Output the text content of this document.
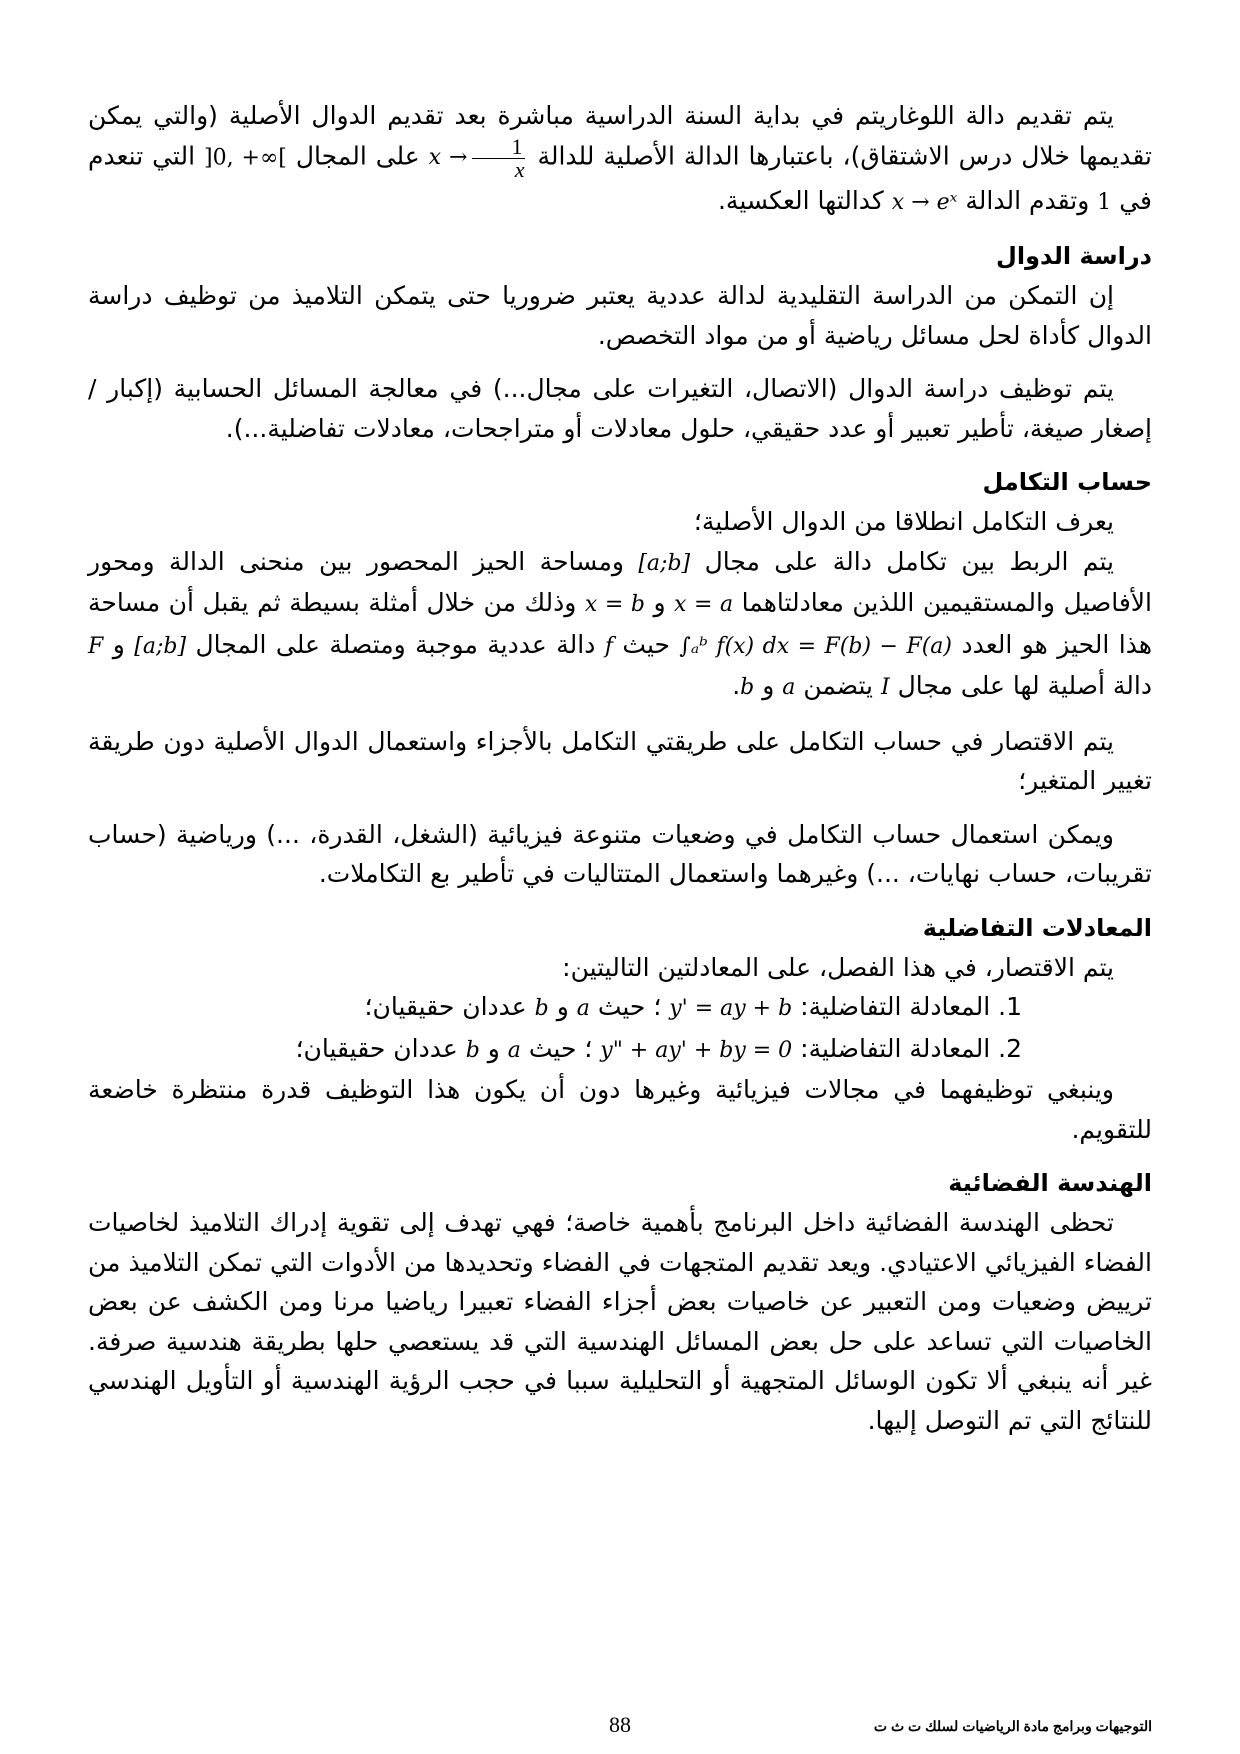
يتم تقديم دالة اللوغاريتم في بداية السنة الدراسية مباشرة بعد تقديم الدوال الأصلية (والتي يمكن تقديمها خلال درس الاشتقاق)، باعتبارها الدالة الأصلية للدالة $x \to \frac{1}{x}$
على المجال ]0, +∞[ التي تنعدم في 1 وتقدم الدالة x → eˣ كدالتها العكسية.

دراسة الدوال

إن التمكن من الدراسة التقليدية لدالة عددية يعتبر ضروريا حتى يتمكن التلاميذ من توظيف دراسة الدوال كأداة لحل مسائل رياضية أو من مواد التخصص.

يتم توظيف دراسة الدوال (الاتصال، التغيرات على مجال...) في معالجة المسائل الحسابية (إكبار / إصغار صيغة، تأطير تعبير أو عدد حقيقي، حلول معادلات أو متراجحات، معادلات تفاضلية...).

حساب التكامل

يعرف التكامل انطلاقا من الدوال الأصلية؛

يتم الربط بين تكامل دالة على مجال [a;b] ومساحة الحيز المحصور بين منحنى الدالة ومحور الأفاصيل والمستقيمين اللذين معادلتاهما x = a و x = b وذلك من خلال أمثلة بسيطة ثم يقبل أن مساحة هذا الحيز هو العدد ∫ₐᵇ f(x) dx = F(b) − F(a) حيث f دالة عددية موجبة ومتصلة على المجال [a;b] و F دالة أصلية لها على مجال I يتضمن a و b.

يتم الاقتصار في حساب التكامل على طريقتي التكامل بالأجزاء واستعمال الدوال الأصلية دون طريقة تغيير المتغير؛

ويمكن استعمال حساب التكامل في وضعيات متنوعة فيزيائية (الشغل، القدرة، ...) ورياضية (حساب تقريبات، حساب نهايات، ...) وغيرهما واستعمال المتتاليات في تأطير بع التكاملات.

المعادلات التفاضلية

يتم الاقتصار، في هذا الفصل، على المعادلتين التاليتين:

1. المعادلة التفاضلية: y' = ay + b ؛ حيث a و b عددان حقيقيان؛
2. المعادلة التفاضلية: y" + ay' + by = 0 ؛ حيث a و b عددان حقيقيان؛

وينبغي توظيفهما في مجالات فيزيائية وغيرها دون أن يكون هذا التوظيف قدرة منتظرة خاضعة للتقويم.

الهندسة الفضائية

تحظى الهندسة الفضائية داخل البرنامج بأهمية خاصة؛ فهي تهدف إلى تقوية إدراك التلاميذ لخاصيات الفضاء الفيزيائي الاعتيادي. ويعد تقديم المتجهات في الفضاء وتحديدها من الأدوات التي تمكن التلاميذ من ترييض وضعيات ومن التعبير عن خاصيات بعض أجزاء الفضاء تعبيرا رياضيا مرنا ومن الكشف عن بعض الخاصيات التي تساعد على حل بعض المسائل الهندسية التي قد يستعصي حلها بطريقة هندسية صرفة. غير أنه ينبغي ألا تكون الوسائل المتجهية أو التحليلية سببا في حجب الرؤية الهندسية أو التأويل الهندسي للنتائج التي تم التوصل إليها.

88	التوجيهات وبرامج مادة الرياضيات لسلك ت ث ت
